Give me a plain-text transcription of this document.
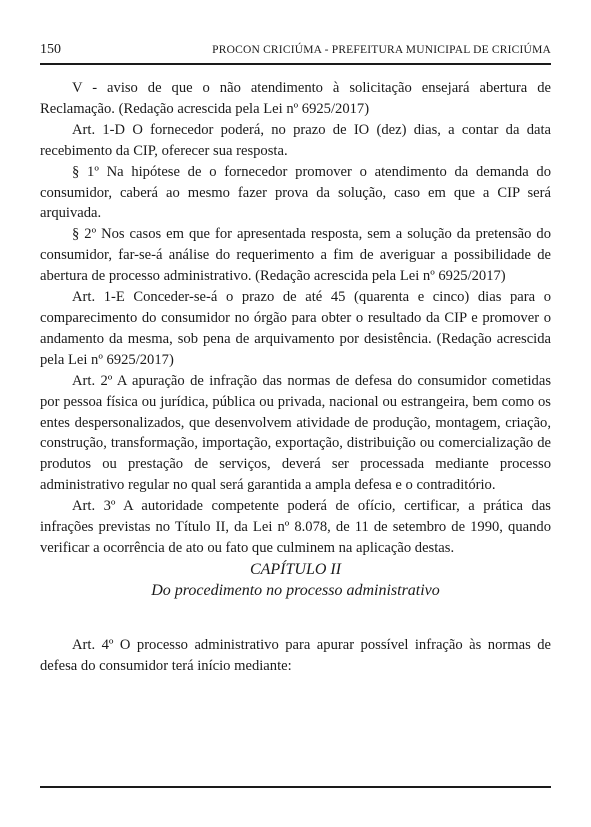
150	PROCON CRICIÚMA - PREFEITURA MUNICIPAL DE CRICIÚMA

V - aviso de que o não atendimento à solicitação ensejará abertura de Reclamação. (Redação acrescida pela Lei nº 6925/2017)

Art. 1-D O fornecedor poderá, no prazo de IO (dez) dias, a contar da data recebimento da CIP, oferecer sua resposta.

§ 1º Na hipótese de o fornecedor promover o atendimento da demanda do consumidor, caberá ao mesmo fazer prova da solução, caso em que a CIP será arquivada.

§ 2º Nos casos em que for apresentada resposta, sem a solução da pretensão do consumidor, far-se-á análise do requerimento a fim de averiguar a possibilidade de abertura de processo administrativo. (Redação acrescida pela Lei nº 6925/2017)

Art. 1-E Conceder-se-á o prazo de até 45 (quarenta e cinco) dias para o comparecimento do consumidor no órgão para obter o resultado da CIP e promover o andamento da mesma, sob pena de arquivamento por desistência. (Redação acrescida pela Lei nº 6925/2017)

Art. 2º A apuração de infração das normas de defesa do consumidor cometidas por pessoa física ou jurídica, pública ou privada, nacional ou estrangeira, bem como os entes despersonalizados, que desenvolvem atividade de produção, montagem, criação, construção, transformação, importação, exportação, distribuição ou comercialização de produtos ou prestação de serviços, deverá ser processada mediante processo administrativo regular no qual será garantida a ampla defesa e o contraditório.

Art. 3º A autoridade competente poderá de ofício, certificar, a prática das infrações previstas no Título II, da Lei nº 8.078, de 11 de setembro de 1990, quando verificar a ocorrência de ato ou fato que culminem na aplicação destas.

CAPÍTULO II

Do procedimento no processo administrativo

Art. 4º O processo administrativo para apurar possível infração às normas de defesa do consumidor terá início mediante:
